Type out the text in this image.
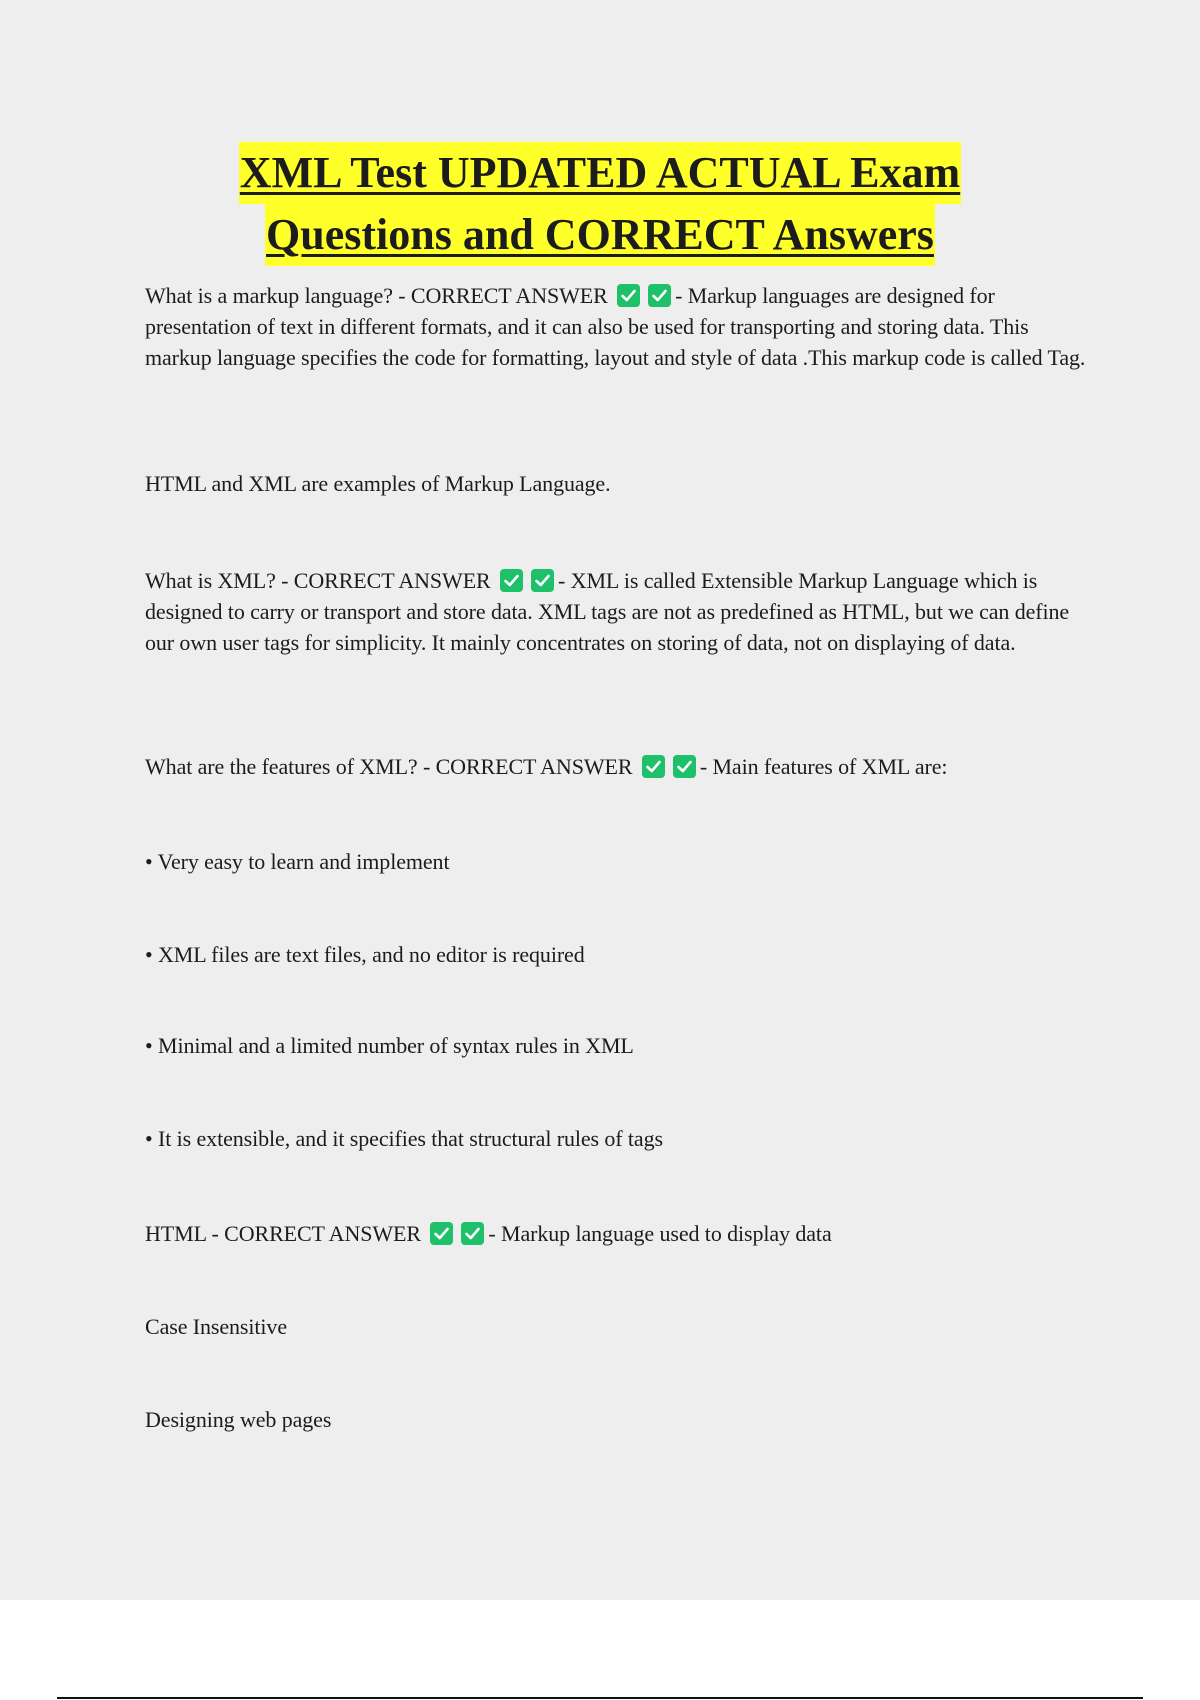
XML Test UPDATED ACTUAL Exam
Questions and CORRECT Answers

What is a markup language? - CORRECT ANSWER	- Markup languages are designed for presentation of text in different formats, and it can also be used for transporting and storing data. This markup language specifies the code for formatting, layout and style of data .This markup code is called Tag.

HTML and XML are examples of Markup Language.

What is XML? - CORRECT ANSWER	- XML is called Extensible Markup Language which is designed to carry or transport and store data. XML tags are not as predefined as HTML, but we can define our own user tags for simplicity. It mainly concentrates on storing of data, not on displaying of data.

What are the features of XML? - CORRECT ANSWER	- Main features of XML are:

• Very easy to learn and implement

• XML files are text files, and no editor is required

• Minimal and a limited number of syntax rules in XML

• It is extensible, and it specifies that structural rules of tags

HTML - CORRECT ANSWER	- Markup language used to display data

Case Insensitive

Designing web pages
